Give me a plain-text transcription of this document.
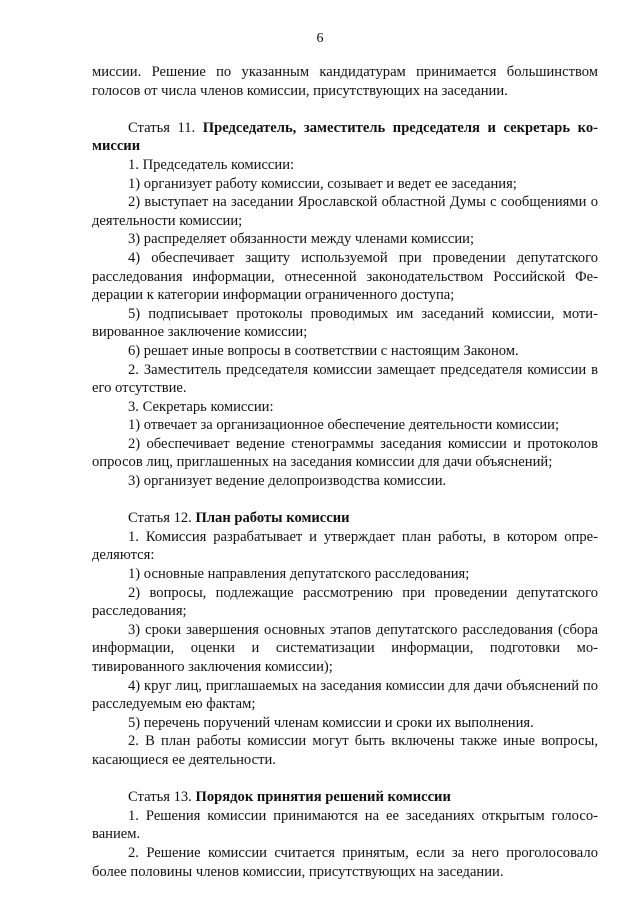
6

миссии. Решение по указанным кандидатурам принимается большинством голосов от числа членов комиссии, присутствующих на заседании.

Статья 11. Председатель, заместитель председателя и секретарь комиссии

1. Председатель комиссии:

1) организует работу комиссии, созывает и ведет ее заседания;

2) выступает на заседании Ярославской областной Думы с сообщениями о деятельности комиссии;

3) распределяет обязанности между членами комиссии;

4) обеспечивает защиту используемой при проведении депутатского расследования информации, отнесенной законодательством Российской Федерации к категории информации ограниченного доступа;

5) подписывает протоколы проводимых им заседаний комиссии, мотивированное заключение комиссии;

6) решает иные вопросы в соответствии с настоящим Законом.

2. Заместитель председателя комиссии замещает председателя комиссии в его отсутствие.

3. Секретарь комиссии:

1) отвечает за организационное обеспечение деятельности комиссии;

2) обеспечивает ведение стенограммы заседания комиссии и протоколов опросов лиц, приглашенных на заседания комиссии для дачи объяснений;

3) организует ведение делопроизводства комиссии.

Статья 12. План работы комиссии

1. Комиссия разрабатывает и утверждает план работы, в котором определяются:

1) основные направления депутатского расследования;

2) вопросы, подлежащие рассмотрению при проведении депутатского расследования;

3) сроки завершения основных этапов депутатского расследования (сбора информации, оценки и систематизации информации, подготовки мотивированного заключения комиссии);

4) круг лиц, приглашаемых на заседания комиссии для дачи объяснений по расследуемым ею фактам;

5) перечень поручений членам комиссии и сроки их выполнения.

2. В план работы комиссии могут быть включены также иные вопросы, касающиеся ее деятельности.

Статья 13. Порядок принятия решений комиссии

1. Решения комиссии принимаются на ее заседаниях открытым голосованием.

2. Решение комиссии считается принятым, если за него проголосовало более половины членов комиссии, присутствующих на заседании.
